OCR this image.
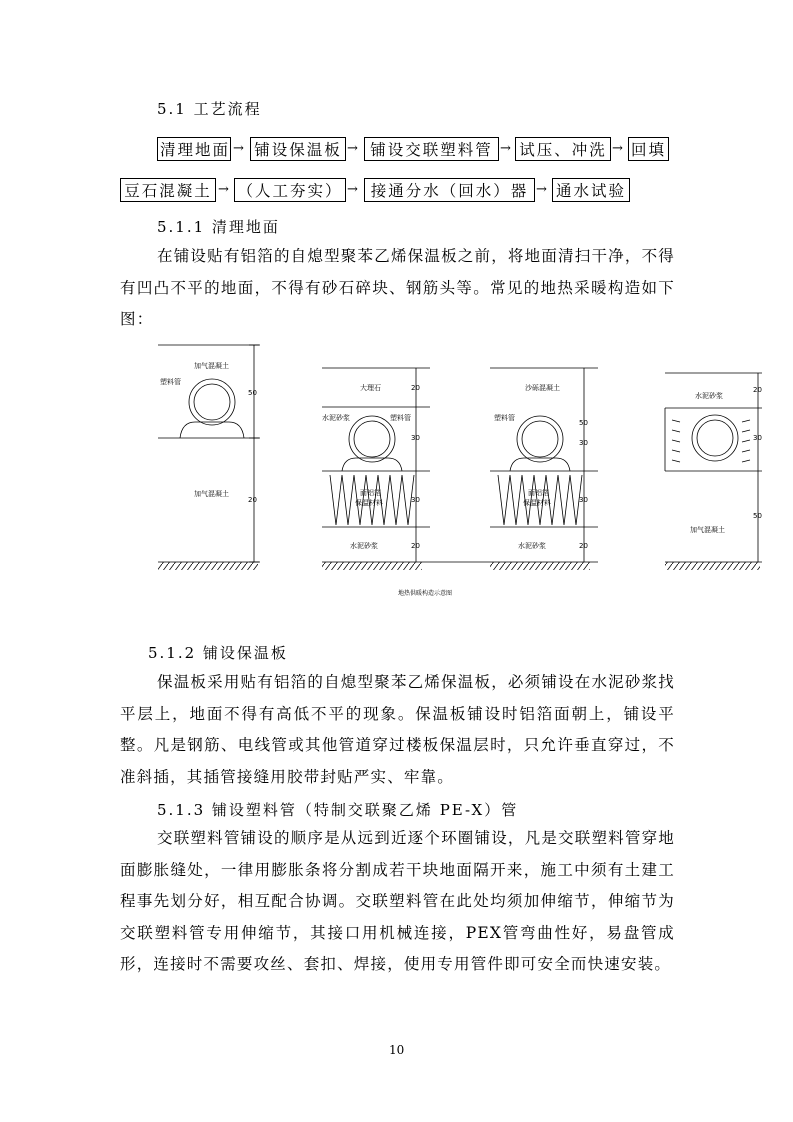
5.1 工艺流程
清理地面 → 铺设保温板 → 铺设交联塑料管 → 试压、冲洗 → 回填
豆石混凝土 → （人工夯实） → 接通分水（回水）器 → 通水试验
5.1.1 清理地面
在铺设贴有铝箔的自熄型聚苯乙烯保温板之前，将地面清扫干净，不得有凹凸不平的地面，不得有砂石碎块、钢筋头等。常见的地热采暖构造如下图：
加气混凝土
塑料管
加气混凝土
50
20
大理石
水泥砂浆	塑料管
面铝箔
保温材料
水泥砂浆
20
30
30
20
沙砾混凝土
塑料管
面铝箔
保温材料
水泥砂浆
50
30
30
20
水泥砂浆
加气混凝土
20
30
50
地热供暖构造示意图
5.1.2 铺设保温板
保温板采用贴有铝箔的自熄型聚苯乙烯保温板，必须铺设在水泥砂浆找平层上，地面不得有高低不平的现象。保温板铺设时铝箔面朝上，铺设平整。凡是钢筋、电线管或其他管道穿过楼板保温层时，只允许垂直穿过，不准斜插，其插管接缝用胶带封贴严实、牢靠。
5.1.3 铺设塑料管（特制交联聚乙烯 PE-X）管
交联塑料管铺设的顺序是从远到近逐个环圈铺设，凡是交联塑料管穿地面膨胀缝处，一律用膨胀条将分割成若干块地面隔开来，施工中须有土建工程事先划分好，相互配合协调。交联塑料管在此处均须加伸缩节，伸缩节为交联塑料管专用伸缩节，其接口用机械连接，PEX管弯曲性好，易盘管成形，连接时不需要攻丝、套扣、焊接，使用专用管件即可安全而快速安装。
10
